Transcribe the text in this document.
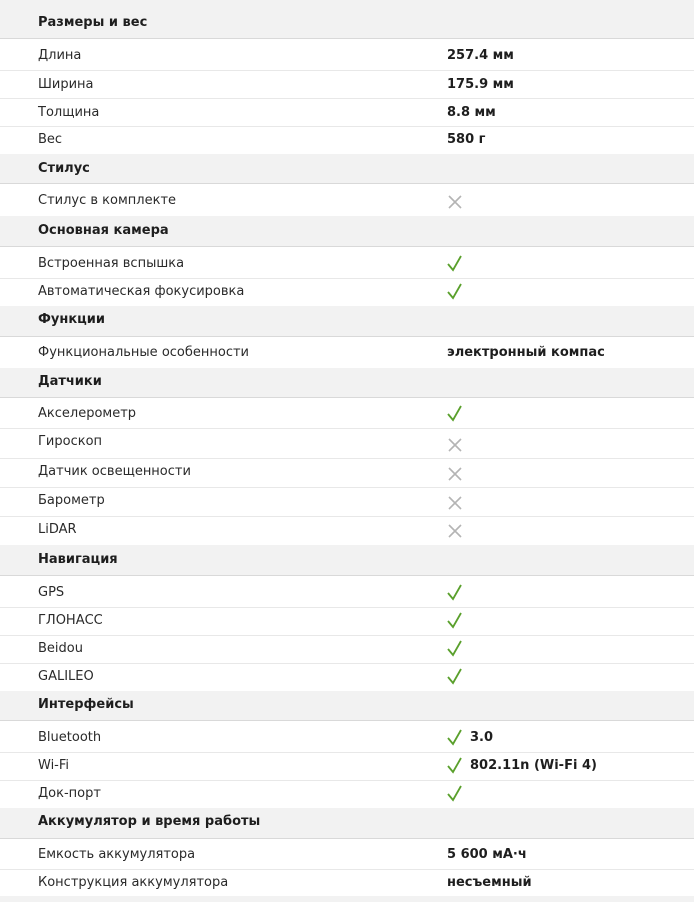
Размеры и вес
Длина	257.4 мм
Ширина	175.9 мм
Толщина	8.8 мм
Вес	580 г
Стилус
Стилус в комплекте
Основная камера
Встроенная вспышка
Автоматическая фокусировка
Функции
Функциональные особенности	электронный компас
Датчики
Акселерометр
Гироскоп
Датчик освещенности
Барометр
LiDAR
Навигация
GPS
ГЛОНАСС
Beidou
GALILEO
Интерфейсы
Bluetooth	3.0
Wi-Fi	802.11n (Wi-Fi 4)
Док-порт
Аккумулятор и время работы
Емкость аккумулятора	5 600 мА·ч
Конструкция аккумулятора	несъемный
